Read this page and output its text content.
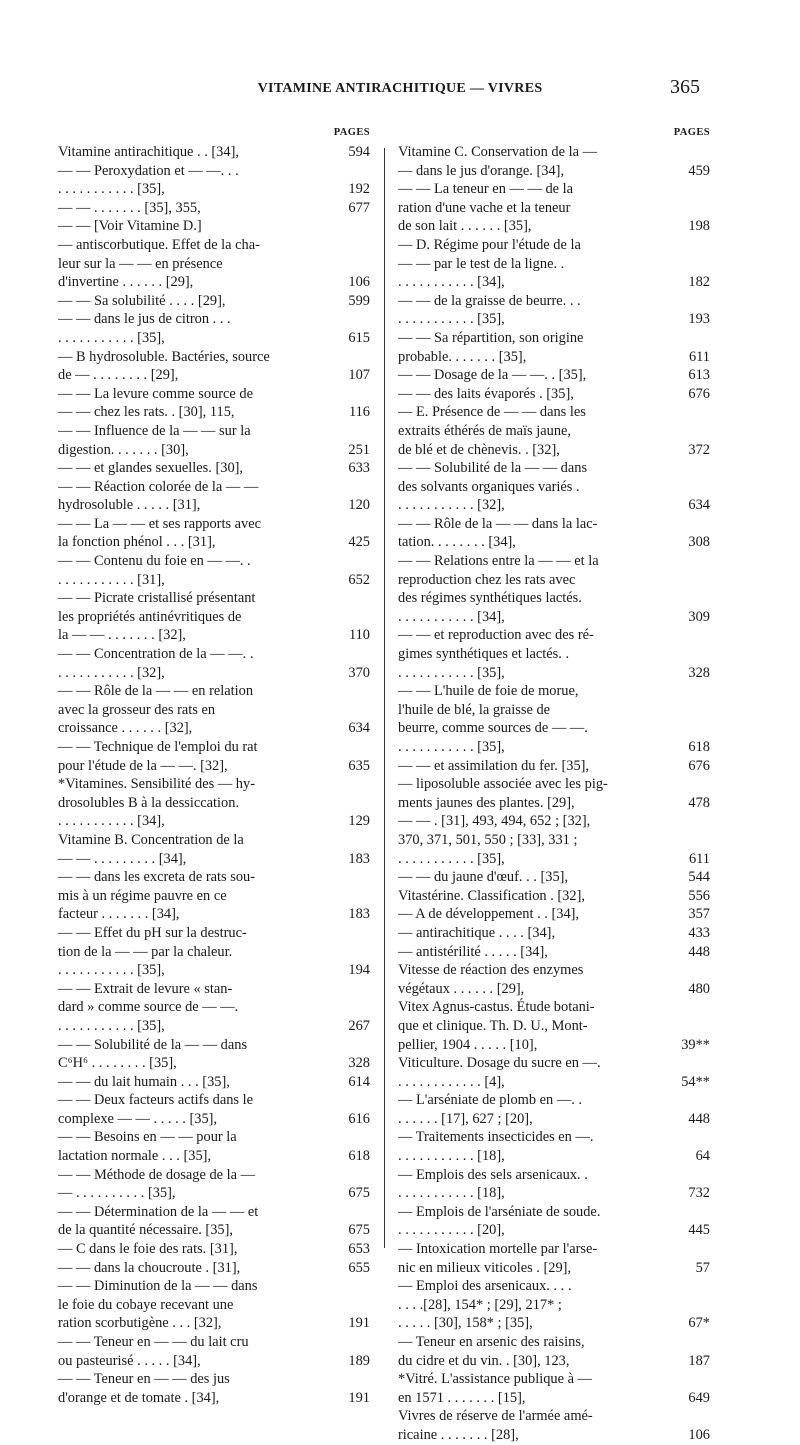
VITAMINE ANTIRACHITIQUE — VIVRES	365
PAGES
Vitamine antirachitique . . [34],	594
— — Peroxydation et — —. . .
. . . . . . . . . . . [35],	192
— — . . . . . . . [35], 355,	677
— — [Voir Vitamine D.]
— antiscorbutique. Effet de la cha-
leur sur la — — en présence
d'invertine . . . . . . [29],	106
— — Sa solubilité . . . . [29],	599
— — dans le jus de citron . . .
. . . . . . . . . . . [35],	615
— B hydrosoluble. Bactéries, source
de — . . . . . . . . [29],	107
— — La levure comme source de
— — chez les rats. . [30], 115,	116
— — Influence de la — — sur la
digestion. . . . . . . [30],	251
— — et glandes sexuelles. [30],	633
— — Réaction colorée de la — —
hydrosoluble . . . . . [31],	120
— — La — — et ses rapports avec
la fonction phénol . . . [31],	425
— — Contenu du foie en — —. .
. . . . . . . . . . . [31],	652
— — Picrate cristallisé présentant
les propriétés antinévritiques de
la — — . . . . . . . [32],	110
— — Concentration de la — —. .
. . . . . . . . . . . [32],	370
— — Rôle de la — — en relation
avec la grosseur des rats en
croissance . . . . . . [32],	634
— — Technique de l'emploi du rat
pour l'étude de la — —. [32],	635
*Vitamines. Sensibilité des — hy-
drosolubles B à la dessiccation.
. . . . . . . . . . . [34],	129
Vitamine B. Concentration de la
— — . . . . . . . . . [34],	183
— — dans les excreta de rats sou-
mis à un régime pauvre en ce
facteur . . . . . . . [34],	183
— — Effet du pH sur la destruc-
tion de la — — par la chaleur.
. . . . . . . . . . . [35],	194
— — Extrait de levure « stan-
dard » comme source de — —.
. . . . . . . . . . . [35],	267
— — Solubilité de la — — dans
C⁶H⁶ . . . . . . . . [35],	328
— — du lait humain . . . [35],	614
— — Deux facteurs actifs dans le
complexe — — . . . . . [35],	616
— — Besoins en — — pour la
lactation normale . . . [35],	618
— — Méthode de dosage de la —
— . . . . . . . . . . [35],	675
— — Détermination de la — — et
de la quantité nécessaire. [35],	675
— C dans le foie des rats. [31],	653
— — dans la choucroute . [31],	655
— — Diminution de la — — dans
le foie du cobaye recevant une
ration scorbutigène . . . [32],	191
— — Teneur en — — du lait cru
ou pasteurisé . . . . . [34],	189
— — Teneur en — — des jus
d'orange et de tomate . [34],	191
PAGES
Vitamine C. Conservation de la —
— dans le jus d'orange. [34],	459
— — La teneur en — — de la
ration d'une vache et la teneur
de son lait . . . . . . [35],	198
— D. Régime pour l'étude de la
— — par le test de la ligne. .
. . . . . . . . . . . [34],	182
— — de la graisse de beurre. . .
. . . . . . . . . . . [35],	193
— — Sa répartition, son origine
probable. . . . . . . [35],	611
— — Dosage de la — —. . [35],	613
— — des laits évaporés . [35],	676
— E. Présence de — — dans les
extraits éthérés de maïs jaune,
de blé et de chènevis. . [32],	372
— — Solubilité de la — — dans
des solvants organiques variés .
. . . . . . . . . . . [32],	634
— — Rôle de la — — dans la lac-
tation. . . . . . . . [34],	308
— — Relations entre la — — et la
reproduction chez les rats avec
des régimes synthétiques lactés.
. . . . . . . . . . . [34],	309
— — et reproduction avec des ré-
gimes synthétiques et lactés. .
. . . . . . . . . . . [35],	328
— — L'huile de foie de morue,
l'huile de blé, la graisse de
beurre, comme sources de — —.
. . . . . . . . . . . [35],	618
— — et assimilation du fer. [35],	676
— liposoluble associée avec les pig-
ments jaunes des plantes. [29],	478
— — . [31], 493, 494, 652 ; [32],
370, 371, 501, 550 ; [33], 331 ;
. . . . . . . . . . . [35],	611
— — du jaune d'œuf. . . [35],	544
Vitastérine. Classification . [32],	556
— A de développement . . [34],	357
— antirachitique . . . . [34],	433
— antistérilité . . . . . [34],	448
Vitesse de réaction des enzymes
végétaux . . . . . . [29],	480
Vitex Agnus-castus. Étude botani-
que et clinique. Th. D. U., Mont-
pellier, 1904 . . . . . [10],	39**
Viticulture. Dosage du sucre en —.
. . . . . . . . . . . . [4],	54**
— L'arséniate de plomb en —. .
. . . . . . [17], 627 ; [20],	448
— Traitements insecticides en —.
. . . . . . . . . . . [18],	64
— Emplois des sels arsenicaux. .
. . . . . . . . . . . [18],	732
— Emplois de l'arséniate de soude.
. . . . . . . . . . . [20],	445
— Intoxication mortelle par l'arse-
nic en milieux viticoles . [29],	57
— Emploi des arsenicaux. . . .
. . . .[28], 154* ; [29], 217* ;
. . . . . [30], 158* ; [35],	67*
— Teneur en arsenic des raisins,
du cidre et du vin. . [30], 123,	187
*Vitré. L'assistance publique à —
en 1571 . . . . . . . [15],	649
Vivres de réserve de l'armée amé-
ricaine . . . . . . . [28],	106
